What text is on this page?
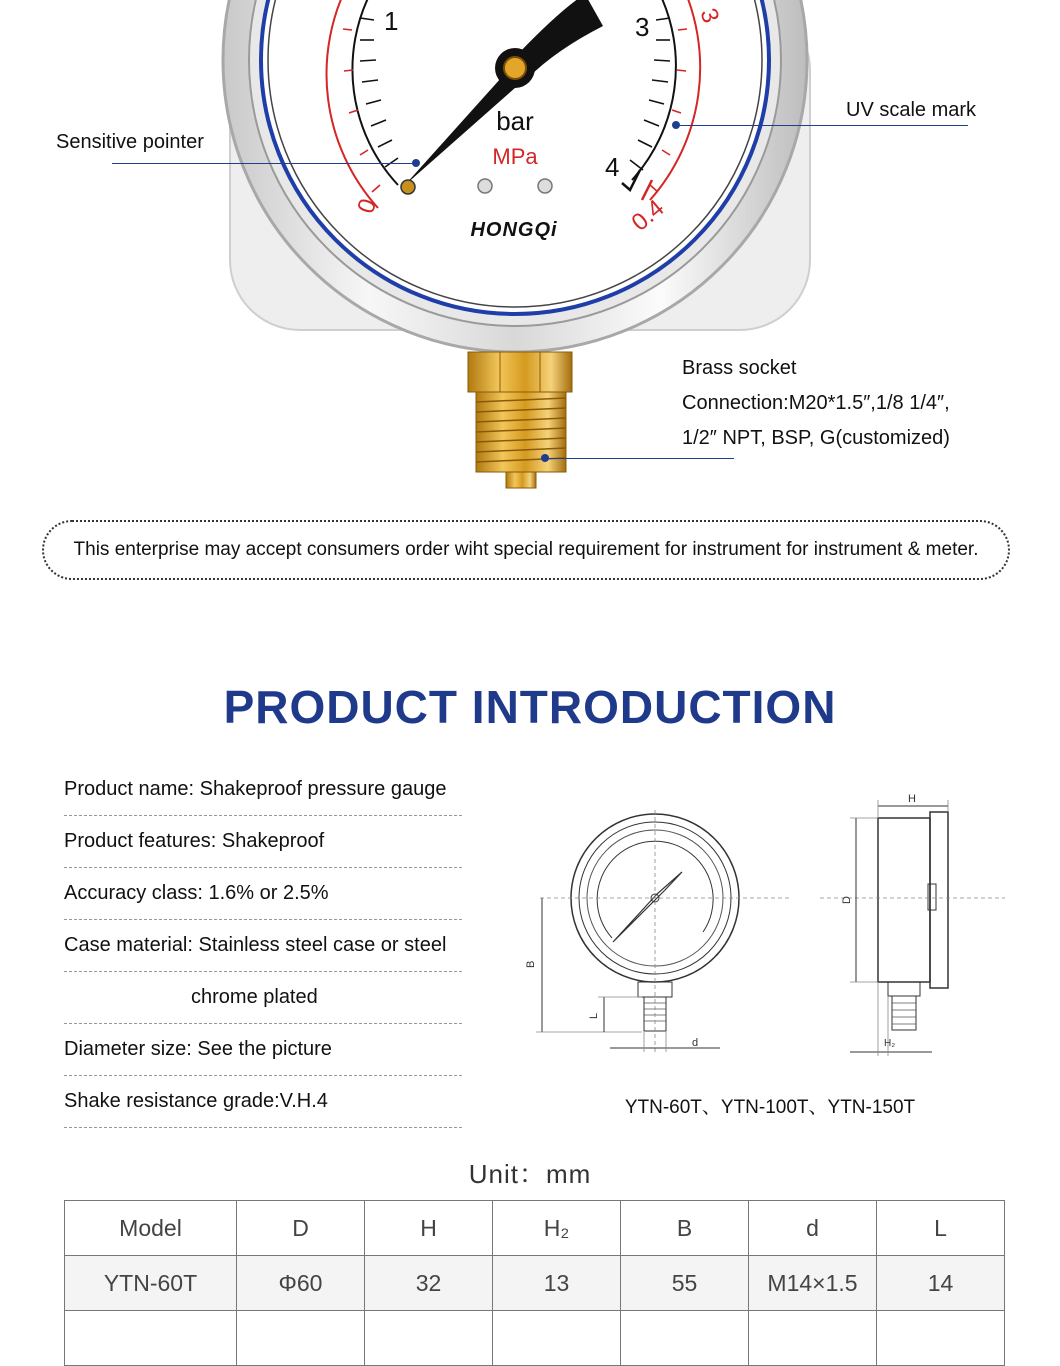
0
1	3 3
4
0.4
bar
MPa
HONGQi
Sensitive pointer
UV scale mark
Brass socket
Connection:M20*1.5″,1/8 1/4″,
1/2″ NPT, BSP, G(customized)
This enterprise may accept consumers order wiht special requirement for instrument for instrument & meter.
PRODUCT INTRODUCTION
Product name: Shakeproof pressure gauge
Product features: Shakeproof
Accuracy class: 1.6% or 2.5%
Case material: Stainless steel case or steel
chrome plated
Diameter size: See the picture
Shake resistance grade:V.H.4
B
L
d
H
D
H₂
YTN-60T、YTN-100T、YTN-150T
Unit：mm
Model	D	H	H₂	B	d	L
YTN-60T	Φ60	32	13	55	M14×1.5	14
